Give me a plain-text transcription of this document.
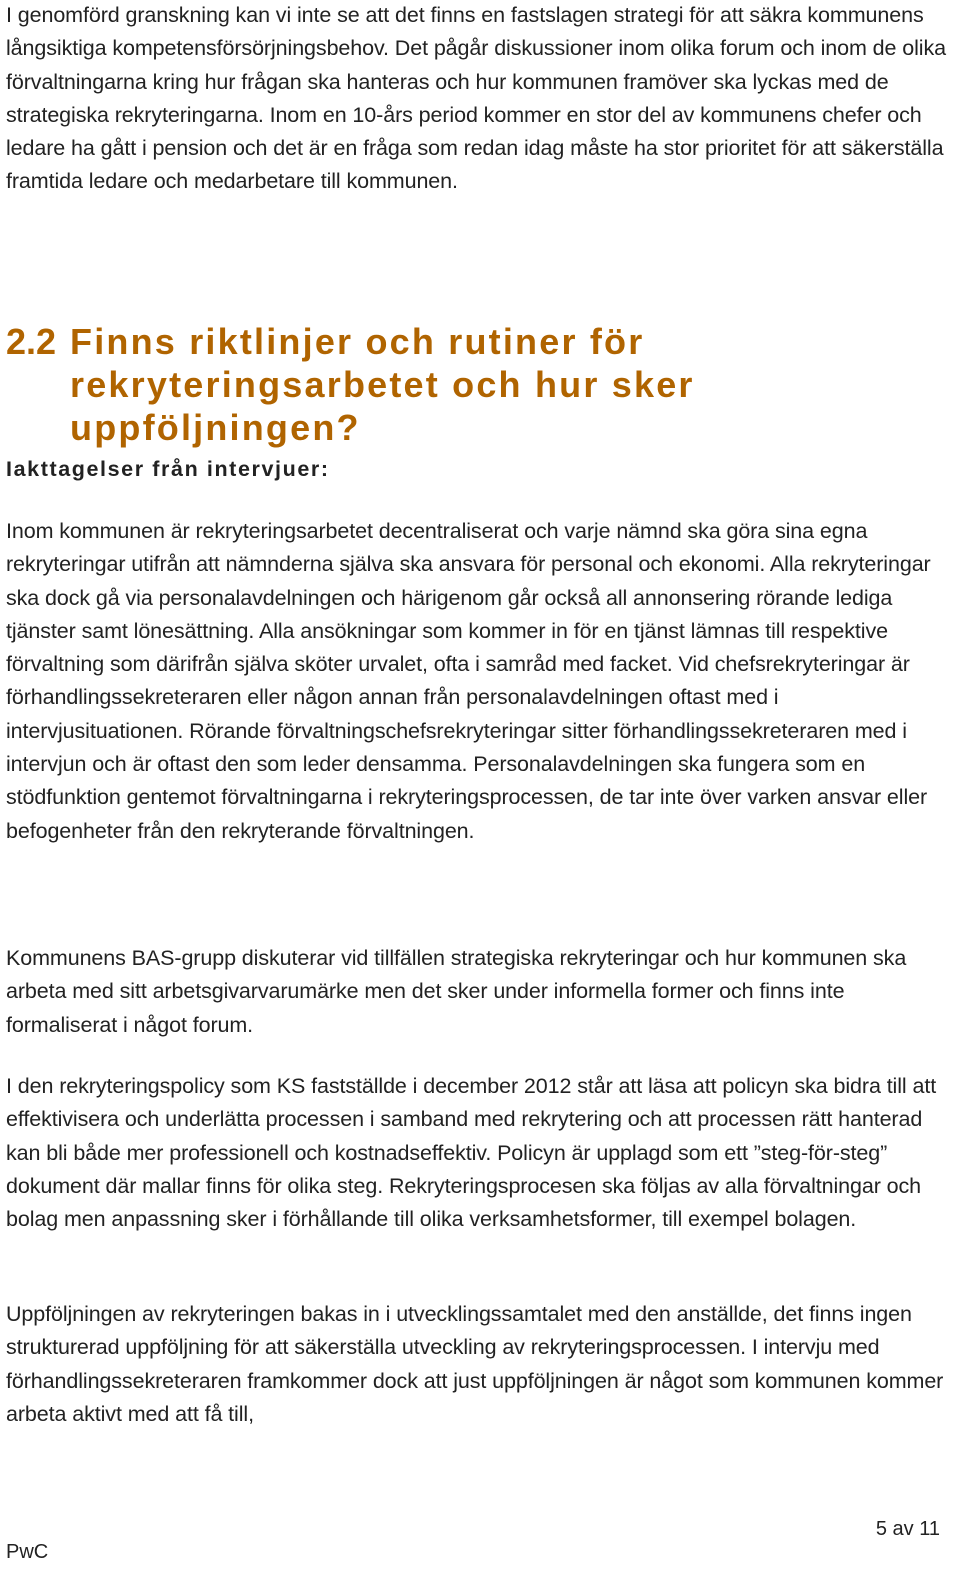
I genomförd granskning kan vi inte se att det finns en fastslagen strategi för att säkra kommunens långsiktiga kompetensförsörjningsbehov. Det pågår diskussioner inom olika forum och inom de olika förvaltningarna kring hur frågan ska hanteras och hur kommunen framöver ska lyckas med de strategiska rekryteringarna. Inom en 10-års period kommer en stor del av kommunens chefer och ledare ha gått i pension och det är en fråga som redan idag måste ha stor prioritet för att säkerställa framtida ledare och medarbetare till kommunen.

2.2 Finns riktlinjer och rutiner för rekryteringsarbetet och hur sker uppföljningen?
Iakttagelser från intervjuer:

Inom kommunen är rekryteringsarbetet decentraliserat och varje nämnd ska göra sina egna rekryteringar utifrån att nämnderna själva ska ansvara för personal och ekonomi. Alla rekryteringar ska dock gå via personalavdelningen och härigenom går också all annonsering rörande lediga tjänster samt lönesättning. Alla ansökningar som kommer in för en tjänst lämnas till respektive förvaltning som därifrån själva sköter urvalet, ofta i samråd med facket. Vid chefsrekryteringar är förhandlingssekreteraren eller någon annan från personalavdelningen oftast med i intervjusituationen. Rörande förvaltningschefsrekryteringar sitter förhandlingssekreteraren med i intervjun och är oftast den som leder densamma. Personalavdelningen ska fungera som en stödfunktion gentemot förvaltningarna i rekryteringsprocessen, de tar inte över varken ansvar eller befogenheter från den rekryterande förvaltningen.

Kommunens BAS-grupp diskuterar vid tillfällen strategiska rekryteringar och hur kommunen ska arbeta med sitt arbetsgivarvarumärke men det sker under informella former och finns inte formaliserat i något forum.

I den rekryteringspolicy som KS fastställde i december 2012 står att läsa att policyn ska bidra till att effektivisera och underlätta processen i samband med rekrytering och att processen rätt hanterad kan bli både mer professionell och kostnadseffektiv. Policyn är upplagd som ett ”steg-för-steg” dokument där mallar finns för olika steg. Rekryteringsprocesen ska följas av alla förvaltningar och bolag men anpassning sker i förhållande till olika verksamhetsformer, till exempel bolagen.

Uppföljningen av rekryteringen bakas in i utvecklingssamtalet med den anställde, det finns ingen strukturerad uppföljning för att säkerställa utveckling av rekryteringsprocessen. I intervju med förhandlingssekreteraren framkommer dock att just uppföljningen är något som kommunen kommer arbeta aktivt med att få till,

5 av 11
PwC
